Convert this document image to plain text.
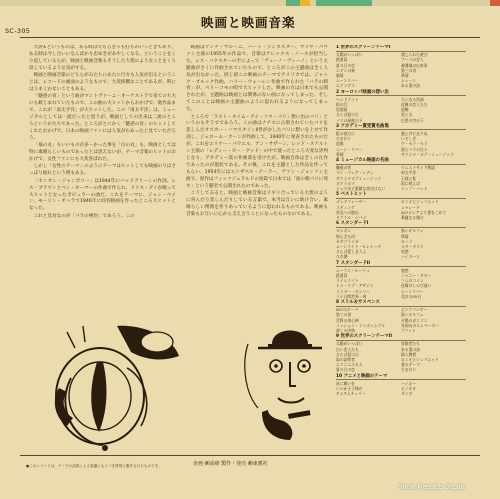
SC-305
映画と映画音楽

大袈±というものは、ある時は大もらきゃも打ものいっときてあり、ある時は今し合いになんばかり忠ゆきがあやしくなる、ということをくり返しているらが、映画と映画音楽もそうした大袈のようなことをくり返しているような気がする。

映画と映画音楽のどちらがみたちにあたに行方も人気が出るということは、レコードの画面のようなもので、大変結構なことであるが、時にはうまくかないこともある。

「魅惑の宵」という曲がマントヴァーニ・オーケストラで来てのち大にも歓じまれていたもので、この曲の大ヒットからおかげで、他作品まで、これが「南太平洋」が大ヒットした。この「南太平洋」は、ミュージカルとしては一流だったと思うが、映画としての出来は二流のところというかたちであった。ところがとにかく「魅惑の宵」のヒットしてくれたおかげで、日本の映画ファンには人気がわあったと見ていただろう。

「慕の丸」もいいものが多ーかった事を「白の丸」も、映画としては特に素晴らしいものであったとは思えないが、テーマ音楽のヒットのおかげで、女性ファンにも大変喜ばれた。

しかし「女性のテーマ」のようにテーマはヒットしても映画のりはさっぱり振れという例もある。

「セシオン・ジャンボリー」は1944年にバッドグリーンの作詞、レス・ブラウンとベン・ホーマーの作曲で作られ、ドリス・デイが歌って大ヒットとなったポピュラーの曲だ。これをテーマに、ジョン・ペイン、モーリン・オハラで1946年に同名映画を作ったところ大ヒットとなった。

これと反対なのが「パラの剣豹」であろう。この

映画はアンナ・マルーニ、バート・ランカスター、マリサ・パヴァン主演の1955年の作品で、音楽はアレックス・ノースが担当した。レス・バクスターの手によって「ヴューノ・ヴィーノ」という主題曲がさくに作曲されていたもので、ところがこの主題曲は全く人気が出なかった。同じ頃この映画のテーマでアメリカでは、ジャック・ブルック作曲、ハリー・ウォーレン作曲で作られた「バラの刺青」が、ペリーコモの唄で大ヒットした。映画の方は日本でも公開されたが、主題曲は映画とは関係のない曲になってしまった。そしてこのことは映画の主題曲のように思われるようになってしまった。

ところで「ラスト・タイム・アイ・ソウ・パリ」想い出のパリ」というのもそうでであろう。この曲はナチスに占領されていたパリを悲しんだオスカー・ハマスタインⅡ世がかしたパリに想いを上せて作詞し、ジェローム・カーンが作曲して、1940年に発表されたものだが、これをエリナー・パウエル、アン・サザーン、レッド・スケルトン主演の「レディー・ビー・グッド」の中で使ったところ大変な評判となり、アカデミー賞の作曲賞を受けたが、映画自体は全くの凡作であったのが現状である。その後、これを主題とした作品を作ってもらい、1954年にはエリザベス・テーラー、ヴァン・ジョンソン主演で、原作はフィッツジェラルドの短篇で日本では「雨の朝パリに死す」という題名で公開されたのであった。

こうしてみると、映画と映画音楽はイギリ合っている大袈のように喜んだり悲しんだりしている言葉で、本当は互いに助け合い、素晴らしい関係を作りあっているように思われるものである。映画も音楽もお互いに心から支え合うことになったものなのである。

1 世界のスクリーンテーマI
太陽がいっぱい	禁じられた遊び
鉄道員	ブーベの恋人
夏の日の恋	避暑地の出来事
エデンの東	第三の男
旅情	慕情
ムーンリバー	シェーン
エクソダス	ある愛の詩
2 ヨーロッパ映画の想い出
ヘッドライト	大いなる西部
街の灯	夜霧の恋人たち
居酒屋	望郷
さらば夏の日	男と女
パリの屋根の下	巴里の空の下
3 アカデミー賞受賞名曲集
虹の彼方に	風と共に去りぬ
ひまわり	いそしぎ
追憶	ケ・セラ・セラ
ムーン・リバー	酒とバラの日々
慕情	サウンド・オブ・ミュージック
4 ミュージカル映画の名曲
魅惑の宵	ウエストサイド物語
マイ・フェア・レディ	南太平洋
サウンドオブミュージック	王様と私
オクラホマ	雨に唄えば
ショウほど素敵な商売はない	トップ・ハット
5 ベストヒット
ゴッドファーザー	ロミオとジュリエット
スティング	シャレード
栄光への脱出	007ロシアより愛をこめて
ドクトル・ジバゴ	華麗なる賭け
6 スタンダードI
セシボン	黒いオルフェ
帰らざる河	慕情
カサブランカ	ローラ
ムーンライト・セレナーデ	スターダスト
さらば愛しき人よ	哀愁
ひき潮	ハイヌーン
7 スタンダードII
ムーラン・ルージュ	旅愁
鉄道員	ジャニー・ギター
ライムライト	三つのコイン
トゥ・ラブ・アゲイン	夜霧のしのび逢い
ミスター・ロンリー	ムーンリバー
八十日間世界一周	北京の55日
8 スリル＆サスペンス
007のテーマ	ピンクパンサー
第三の男	黒いオルフェ
荒野の用心棒	夕陽のガンマン
ミッション・インポッシブル	死刑台のエレベーター
殺しの序曲	ブリット
9 世界のスクリーンテーマII
太陽がいっぱい	冒険者たち
白い恋人たち	ある愛の詩
さらば夏の日	個人教授
雨の訪問者	ロミオとジュリエット
エマニエル夫人	愛のテーマ
夏の日の恋	ひまわり
10 アニメと映画のテーマ
星に願いを	ハイホー
いつか王子様が	ピノキオ
チムチムチェリー	ダンボ
●このレコードは、テープの品質による原盤にもとづき特別に製作されたものです。	企画 ㈱高研 製作・発売 ㈱東蓄社
Snow Records Japan
